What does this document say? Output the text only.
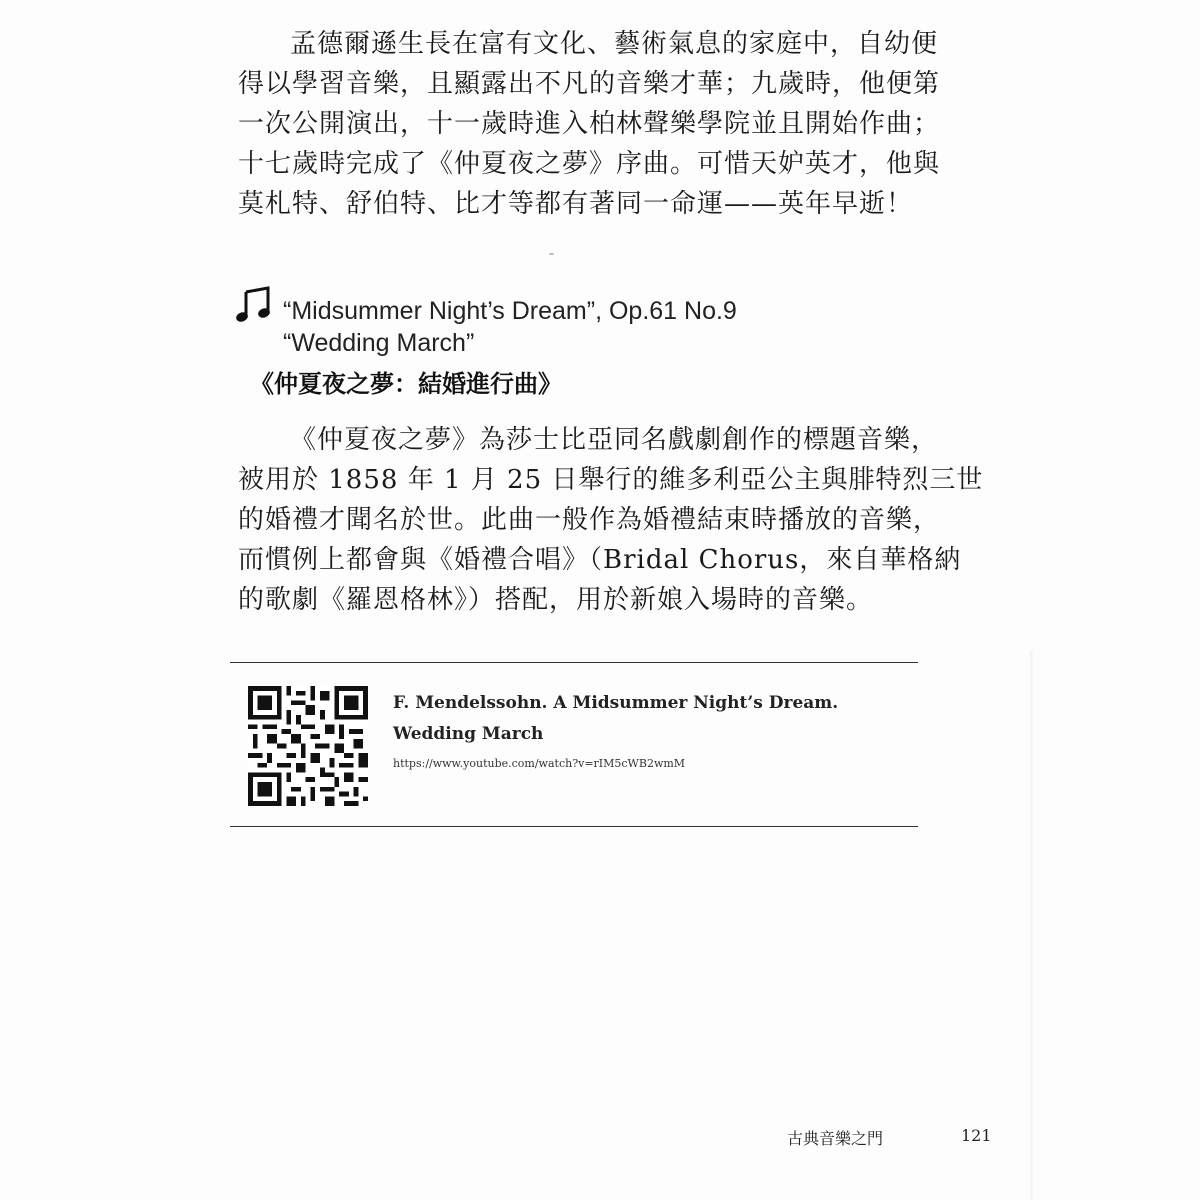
孟德爾遜生長在富有文化、藝術氣息的家庭中，自幼便
得以學習音樂，且顯露出不凡的音樂才華；九歲時，他便第
一次公開演出，十一歲時進入柏林聲樂學院並且開始作曲；
十七歲時完成了《仲夏夜之夢》序曲。可惜天妒英才，他與
莫札特、舒伯特、比才等都有著同一命運——英年早逝！

ˉ
“Midsummer Night’s Dream”, Op.61 No.9
“Wedding March”
《仲夏夜之夢：結婚進行曲》

《仲夏夜之夢》為莎士比亞同名戲劇創作的標題音樂，
被用於 1858 年 1 月 25 日舉行的維多利亞公主與腓特烈三世
的婚禮才聞名於世。此曲一般作為婚禮結束時播放的音樂，
而慣例上都會與《婚禮合唱》（Bridal Chorus，來自華格納
的歌劇《羅恩格林》）搭配，用於新娘入場時的音樂。

F. Mendelssohn. A Midsummer Night’s Dream. Wedding March

https://www.youtube.com/watch?v=rIM5cWB2wmM

古典音樂之門	121
